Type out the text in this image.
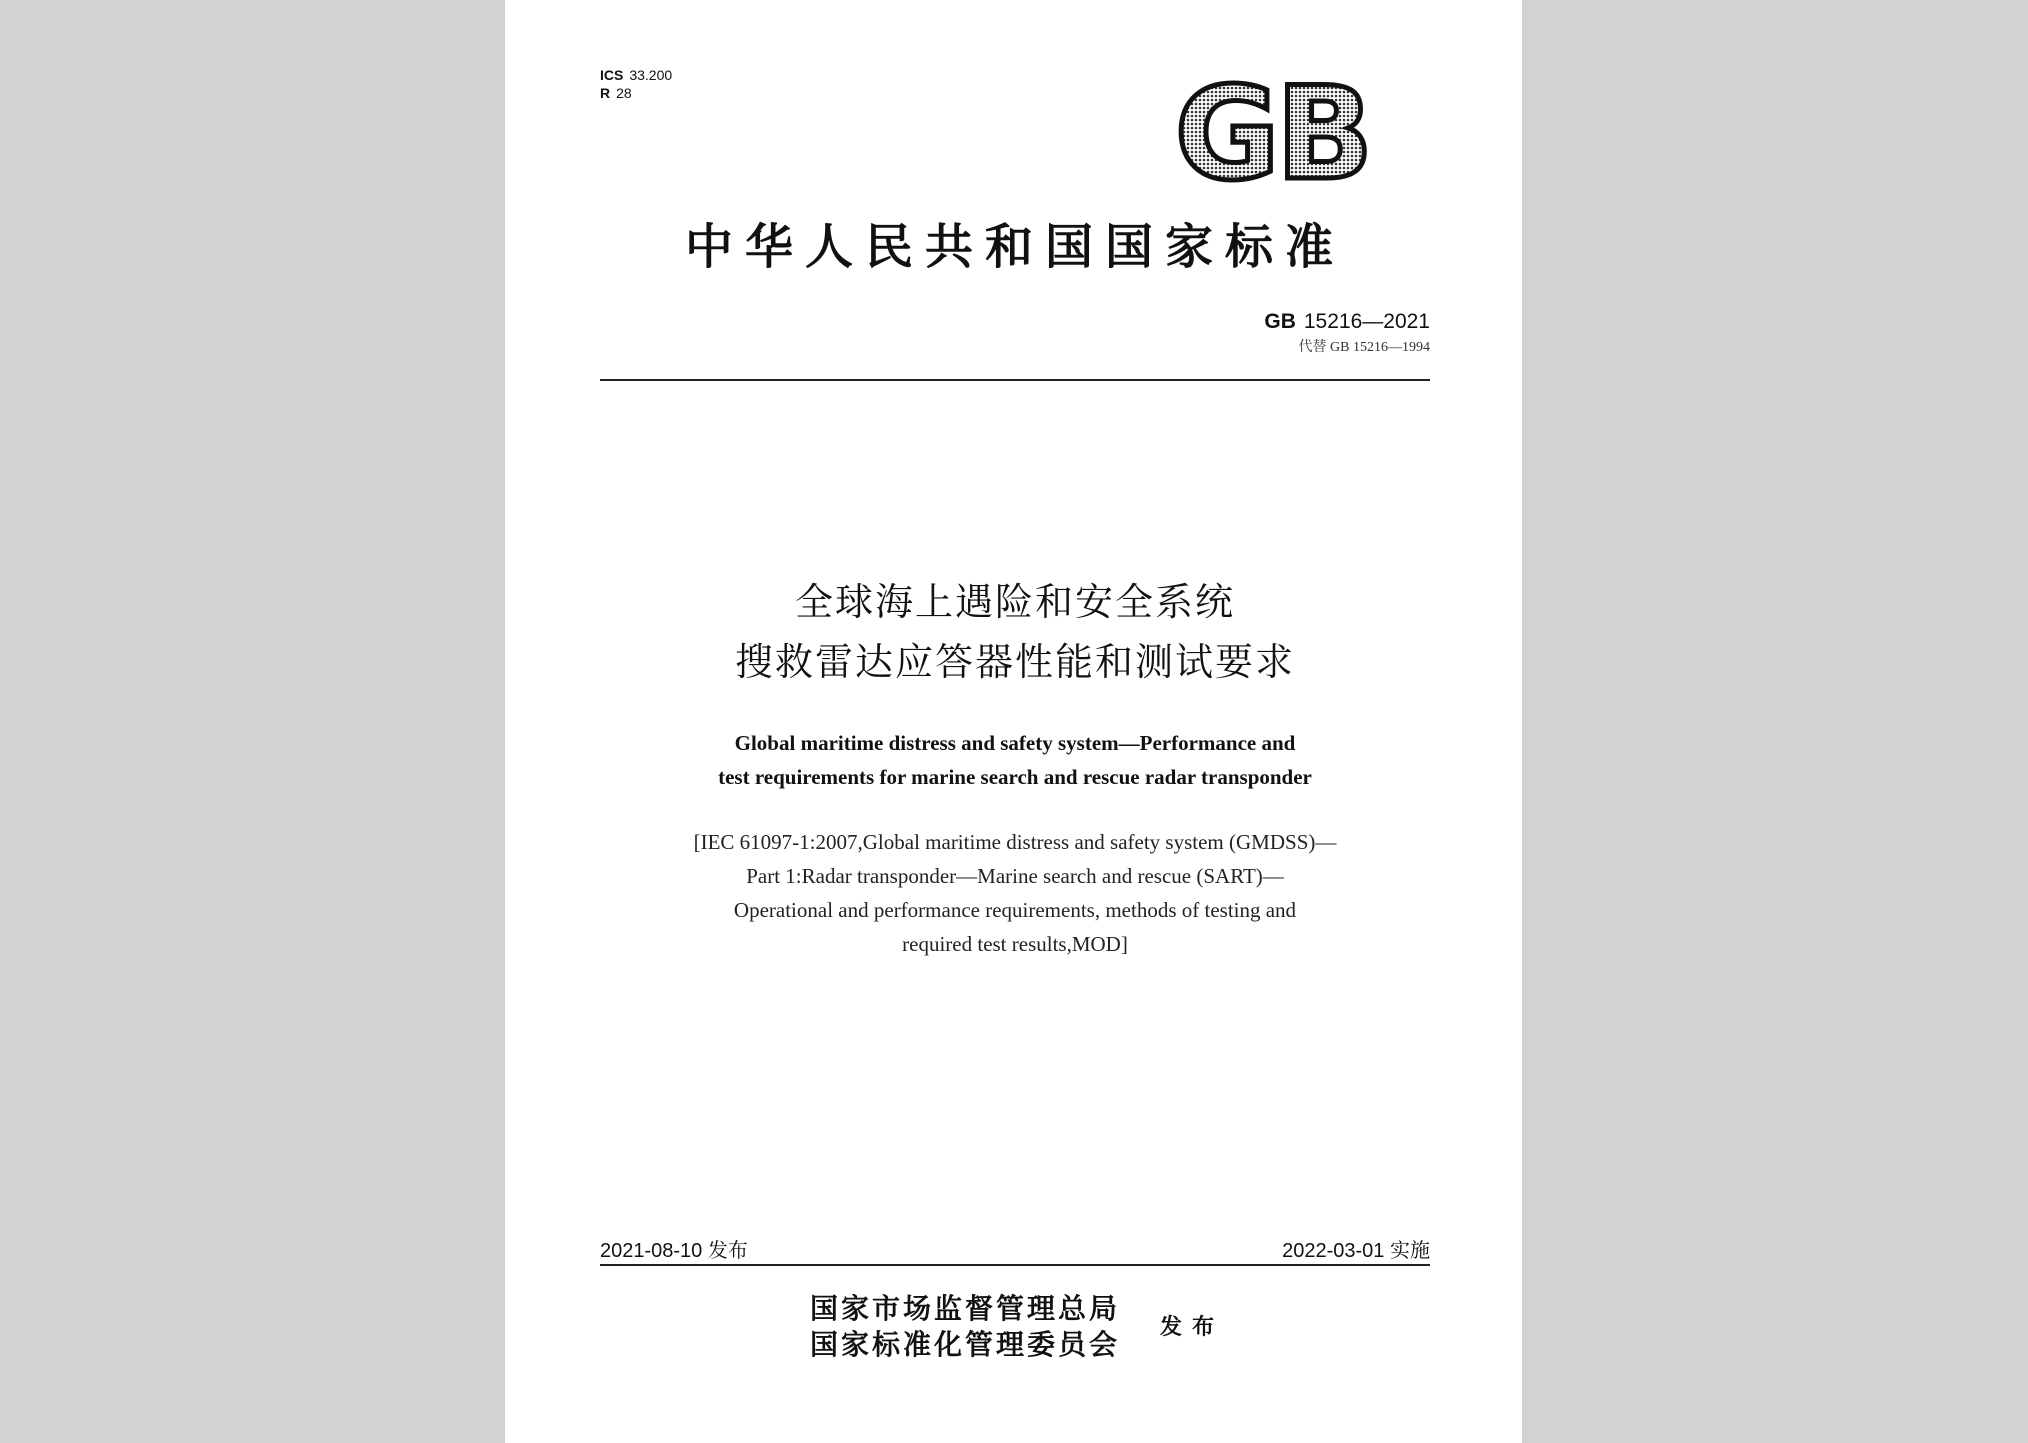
ICS 33.200
R 28	GB
中华人民共和国国家标准
GB 15216—2021
代替 GB 15216—1994
全球海上遇险和安全系统
搜救雷达应答器性能和测试要求
Global maritime distress and safety system—Performance and
test requirements for marine search and rescue radar transponder
[IEC 61097-1:2007,Global maritime distress and safety system (GMDSS)—
Part 1:Radar transponder—Marine search and rescue (SART)—
Operational and performance requirements, methods of testing and
required test results,MOD]
2021-08-10 发布	2022-03-01 实施
国家市场监督管理总局
国家标准化管理委员会
发布
